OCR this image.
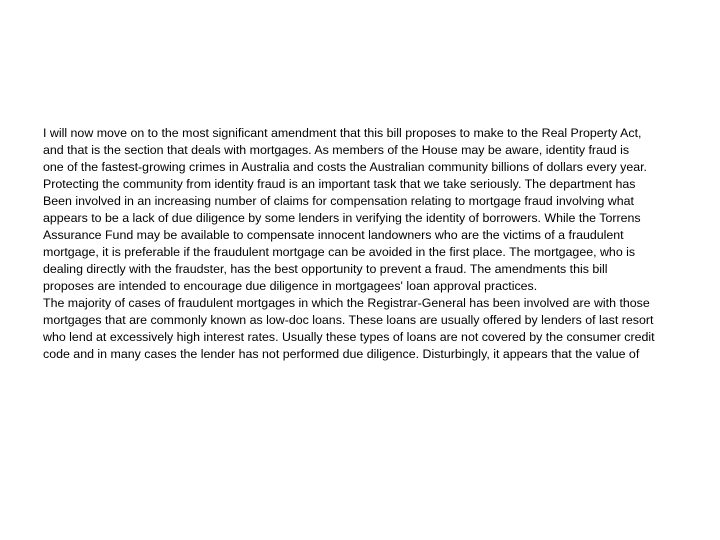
I will now move on to the most significant amendment that this bill proposes to make to the Real Property Act,

and that is the section that deals with mortgages. As members of the House may be aware, identity fraud is

one of the fastest-growing crimes in Australia and costs the Australian community billions of dollars every year.

Protecting the community from identity fraud is an important task that we take seriously. The department has

Been involved in an increasing number of claims for compensation relating to mortgage fraud involving what

appears to be a lack of due diligence by some lenders in verifying the identity of borrowers. While the Torrens

Assurance Fund may be available to compensate innocent landowners who are the victims of a fraudulent

mortgage, it is preferable if the fraudulent mortgage can be avoided in the first place. The mortgagee, who is

dealing directly with the fraudster, has the best opportunity to prevent a fraud. The amendments this bill

proposes are intended to encourage due diligence in mortgagees' loan approval practices.

The majority of cases of fraudulent mortgages in which the Registrar-General has been involved are with those

mortgages that are commonly known as low-doc loans. These loans are usually offered by lenders of last resort

who lend at excessively high interest rates. Usually these types of loans are not covered by the consumer credit

code and in many cases the lender has not performed due diligence. Disturbingly, it appears that the value of
